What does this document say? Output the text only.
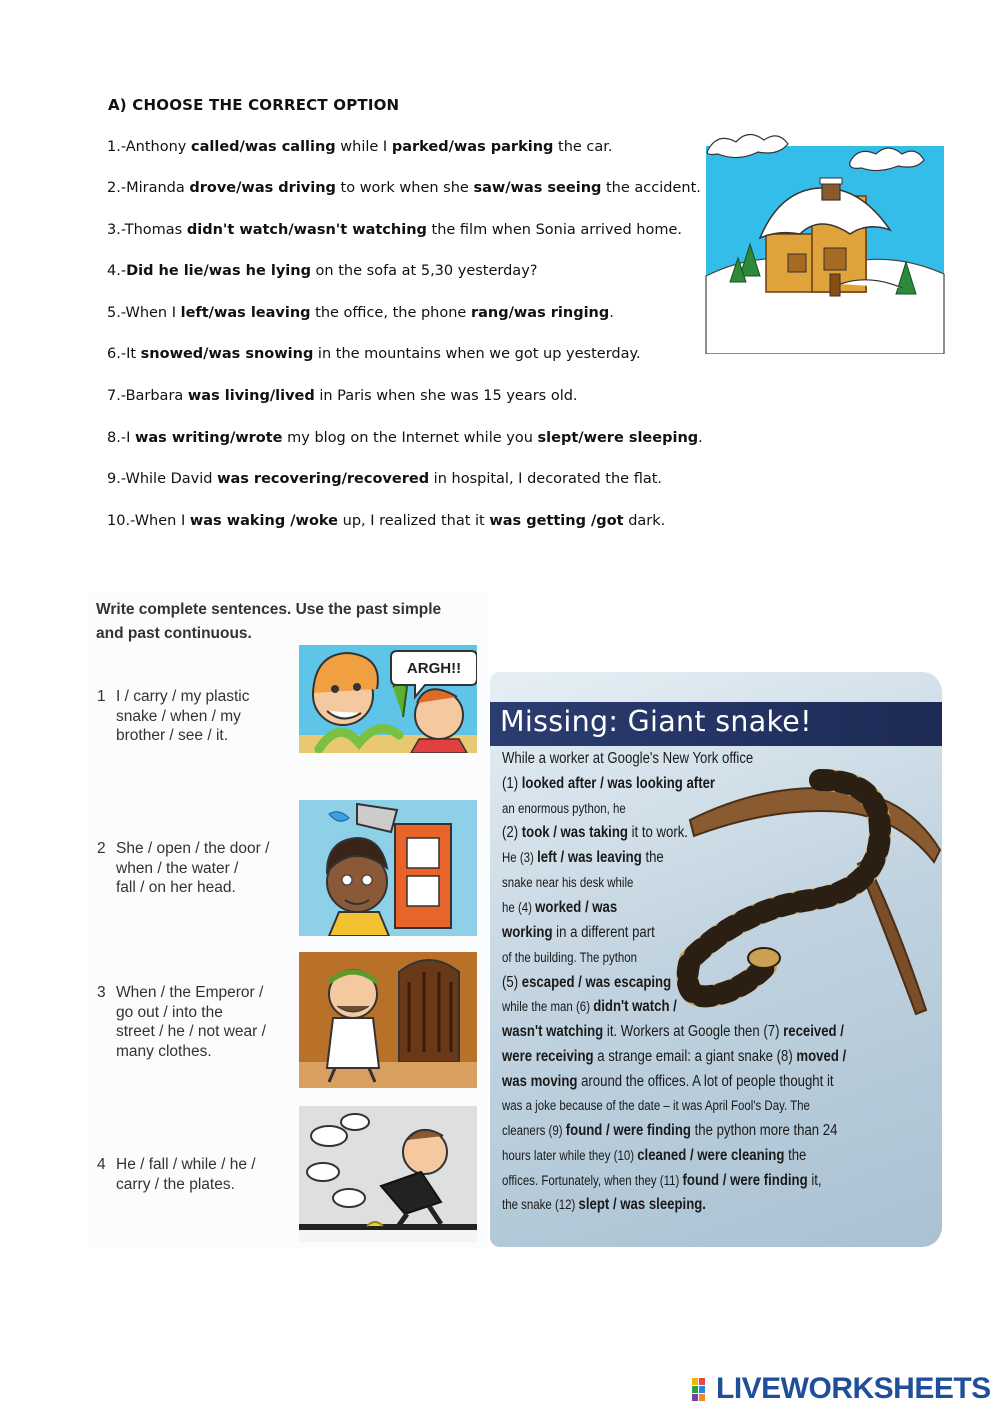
A) CHOOSE THE CORRECT OPTION
1.-Anthony called/was calling while I parked/was parking the car.
2.-Miranda drove/was driving to work when she saw/was seeing the accident.
3.-Thomas didn't watch/wasn't watching the film when Sonia arrived home.
4.-Did he lie/was he lying on the sofa at 5,30 yesterday?
5.-When I left/was leaving the office, the phone rang/was ringing.
6.-It snowed/was snowing in the mountains when we got up yesterday.
7.-Barbara was living/lived in Paris when she was 15 years old.
8.-I was writing/wrote my blog on the Internet while you slept/were sleeping.
9.-While David was recovering/recovered in hospital, I decorated the flat.
10.-When I was waking /woke up, I realized that it was getting /got dark.
Write complete sentences. Use the past simple
and past continuous.
1 I / carry / my plastic
snake / when / my
brother / see / it.
2 She / open / the door /
when / the water /
fall / on her head.
3 When / the Emperor /
go out / into the
street / he / not wear /
many clothes.
4 He / fall / while / he /
carry / the plates.
ARGH!!
Missing: Giant snake!
While a worker at Google's New York office
(1) looked after / was looking after
an enormous python, he
(2) took / was taking it to work.
He (3) left / was leaving the
snake near his desk while
he (4) worked / was
working in a different part
of the building. The python
(5) escaped / was escaping
while the man (6) didn't watch /
wasn't watching it. Workers at Google then (7) received /
were receiving a strange email: a giant snake (8) moved /
was moving around the offices. A lot of people thought it
was a joke because of the date – it was April Fool's Day. The
cleaners (9) found / were finding the python more than 24
hours later while they (10) cleaned / were cleaning the
offices. Fortunately, when they (11) found / were finding it,
the snake (12) slept / was sleeping.
LIVEWORKSHEETS
